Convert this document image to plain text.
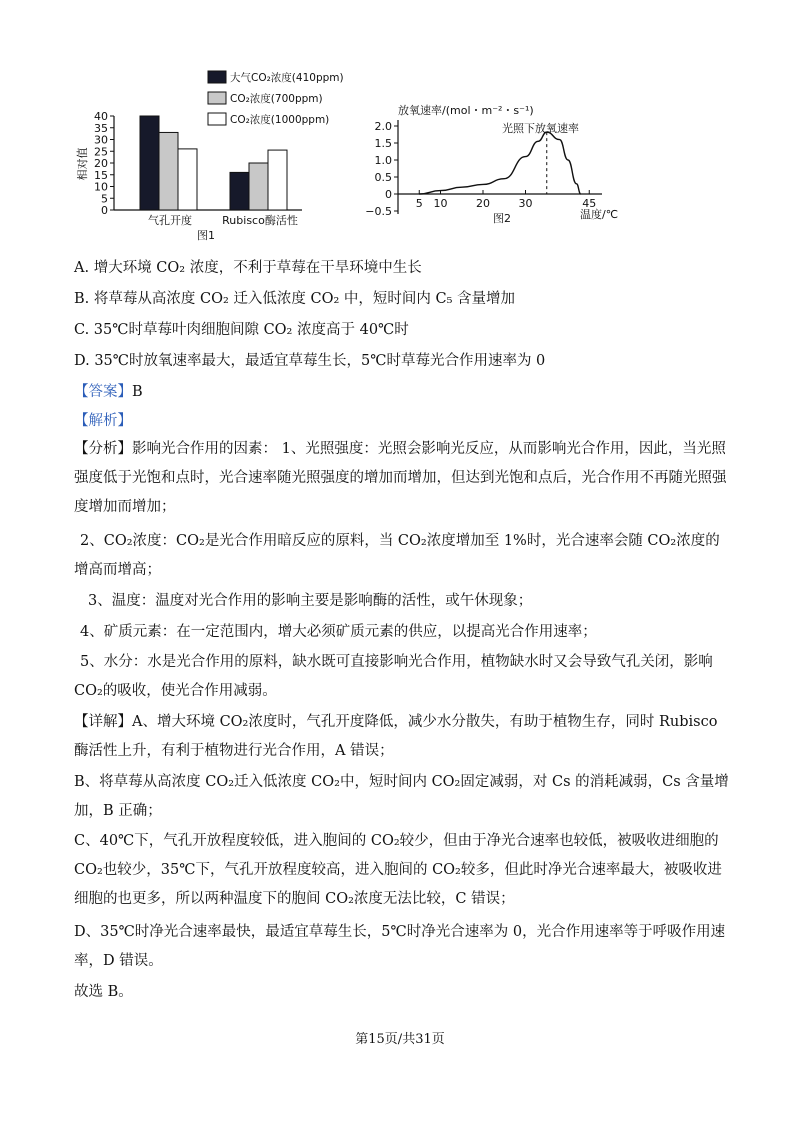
大气CO₂浓度(410ppm)
CO₂浓度(700ppm)
CO₂浓度(1000ppm)
相对值
40
35
30
25
20
15
10
5
0
气孔开度	Rubisco酶活性
图1
放氧速率/(mol・m⁻²・s⁻¹)
2.0
1.5
1.0
0.5
0
−0.5
5 10	20	30	45
光照下放氧速率
温度/℃
图2

A. 增大环境 CO₂ 浓度，不利于草莓在干旱环境中生长

B. 将草莓从高浓度 CO₂ 迁入低浓度 CO₂ 中，短时间内 C₅ 含量增加

C. 35℃时草莓叶肉细胞间隙 CO₂ 浓度高于 40℃时

D. 35℃时放氧速率最大，最适宜草莓生长，5℃时草莓光合作用速率为 0

【答案】B

【解析】

【分析】影响光合作用的因素： 1、光照强度：光照会影响光反应，从而影响光合作用，因此，当光照强度低于光饱和点时，光合速率随光照强度的增加而增加，但达到光饱和点后，光合作用不再随光照强度增加而增加；

2、CO₂浓度：CO₂是光合作用暗反应的原料，当 CO₂浓度增加至 1%时，光合速率会随 CO₂浓度的增高而增高；

3、温度：温度对光合作用的影响主要是影响酶的活性，或午休现象；

4、矿质元素：在一定范围内，增大必须矿质元素的供应，以提高光合作用速率；

5、水分：水是光合作用的原料，缺水既可直接影响光合作用，植物缺水时又会导致气孔关闭，影响 CO₂的吸收，使光合作用减弱。

【详解】A、增大环境 CO₂浓度时，气孔开度降低，减少水分散失，有助于植物生存，同时 Rubisco 酶活性上升，有利于植物进行光合作用，A 错误；

B、将草莓从高浓度 CO₂迁入低浓度 CO₂中，短时间内 CO₂固定减弱，对 Cs 的消耗减弱，Cs 含量增加，B 正确；

C、40℃下，气孔开放程度较低，进入胞间的 CO₂较少，但由于净光合速率也较低，被吸收进细胞的 CO₂也较少，35℃下，气孔开放程度较高，进入胞间的 CO₂较多，但此时净光合速率最大，被吸收进细胞的也更多，所以两种温度下的胞间 CO₂浓度无法比较，C 错误；

D、35℃时净光合速率最快，最适宜草莓生长，5℃时净光合速率为 0，光合作用速率等于呼吸作用速率，D 错误。

故选 B。

第15页/共31页
